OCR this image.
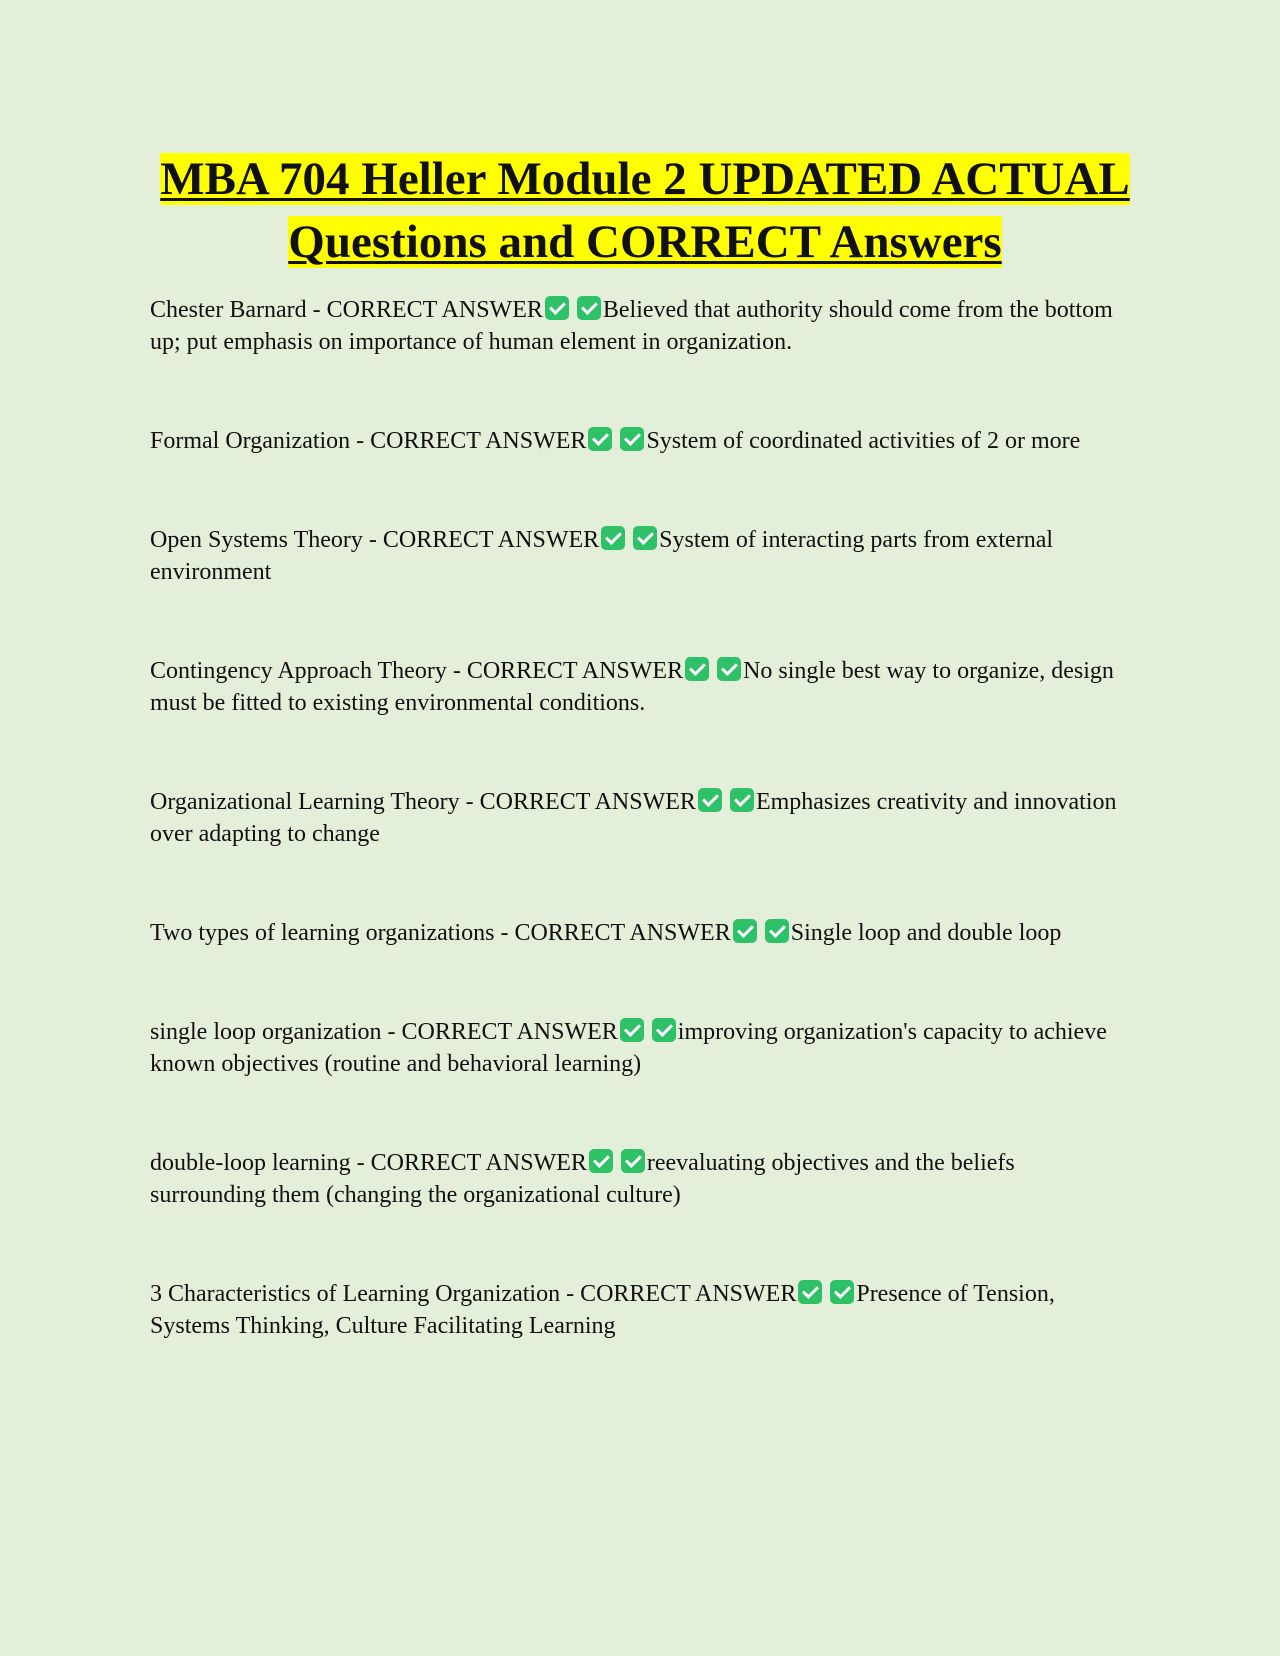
MBA 704 Heller Module 2 UPDATED ACTUAL Questions and CORRECT Answers
Chester Barnard - CORRECT ANSWER	Believed that authority should come from the bottom up; put emphasis on importance of human element in organization.
Formal Organization - CORRECT ANSWER	System of coordinated activities of 2 or more
Open Systems Theory - CORRECT ANSWER	System of interacting parts from external environment
Contingency Approach Theory - CORRECT ANSWER	No single best way to organize, design must be fitted to existing environmental conditions.
Organizational Learning Theory - CORRECT ANSWER	Emphasizes creativity and innovation over adapting to change
Two types of learning organizations - CORRECT ANSWER	Single loop and double loop
single loop organization - CORRECT ANSWER	improving organization's capacity to achieve known objectives (routine and behavioral learning)
double-loop learning - CORRECT ANSWER	reevaluating objectives and the beliefs surrounding them (changing the organizational culture)
3 Characteristics of Learning Organization - CORRECT ANSWER	Presence of Tension, Systems Thinking, Culture Facilitating Learning
